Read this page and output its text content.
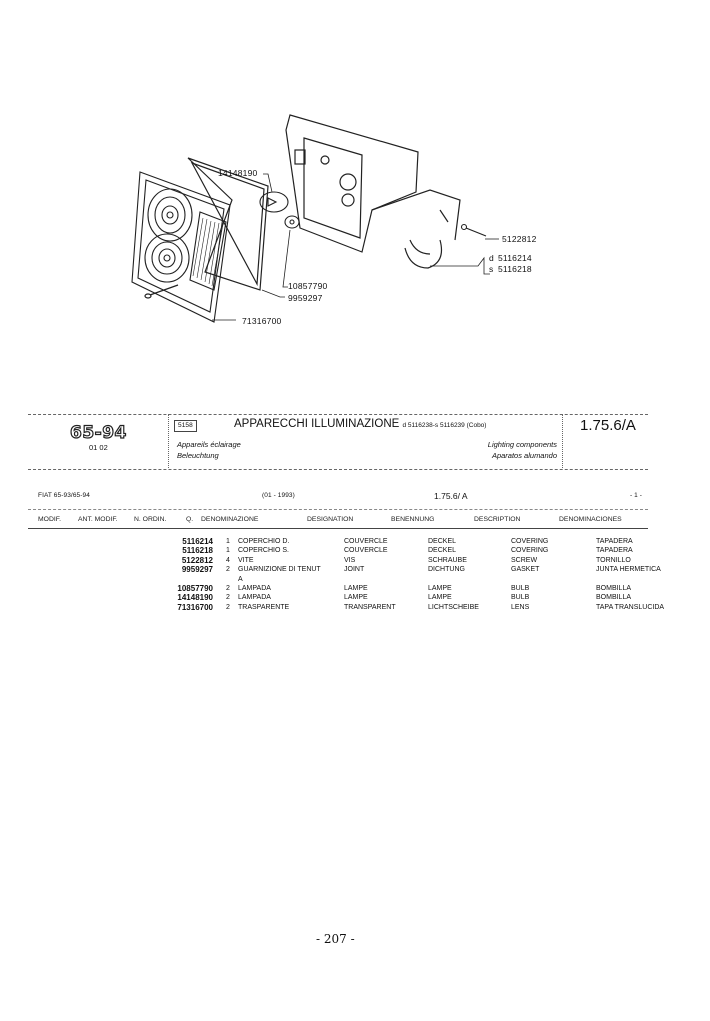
14148190
5122812
d 5116214
s 5116218
10857790
9959297
71316700
65-94
01 02
5158	APPARECCHI ILLUMINAZIONE d 5116238-s 5116239 (Cobo)
Appareils éclairage
Beleuchtung
Lighting components
Aparatos alumando
1.75.6/A
FIAT 65-93/65-94	(01 - 1993)	1.75.6/ A	- 1 -
MODIF. ANT. MODIF. N. ORDIN.	Q. DENOMINAZIONE	DESIGNATION	BENENNUNG	DESCRIPTION	DENOMINACIONES
		5116214		1	COPERCHIO D.	COUVERCLE	DECKEL	COVERING	TAPADERA
		5116218		1	COPERCHIO S.	COUVERCLE	DECKEL	COVERING	TAPADERA
		5122812		4	VITE	VIS	SCHRAUBE	SCREW	TORNILLO
		9959297		2	GUARNIZIONE DI TENUT	JOINT	DICHTUNG	GASKET	JUNTA HERMETICA
					A				
		10857790		2	LAMPADA	LAMPE	LAMPE	BULB	BOMBILLA
		14148190		2	LAMPADA	LAMPE	LAMPE	BULB	BOMBILLA
		71316700		2	TRASPARENTE	TRANSPARENT	LICHTSCHEIBE	LENS	TAPA TRANSLUCIDA
- 207 -
